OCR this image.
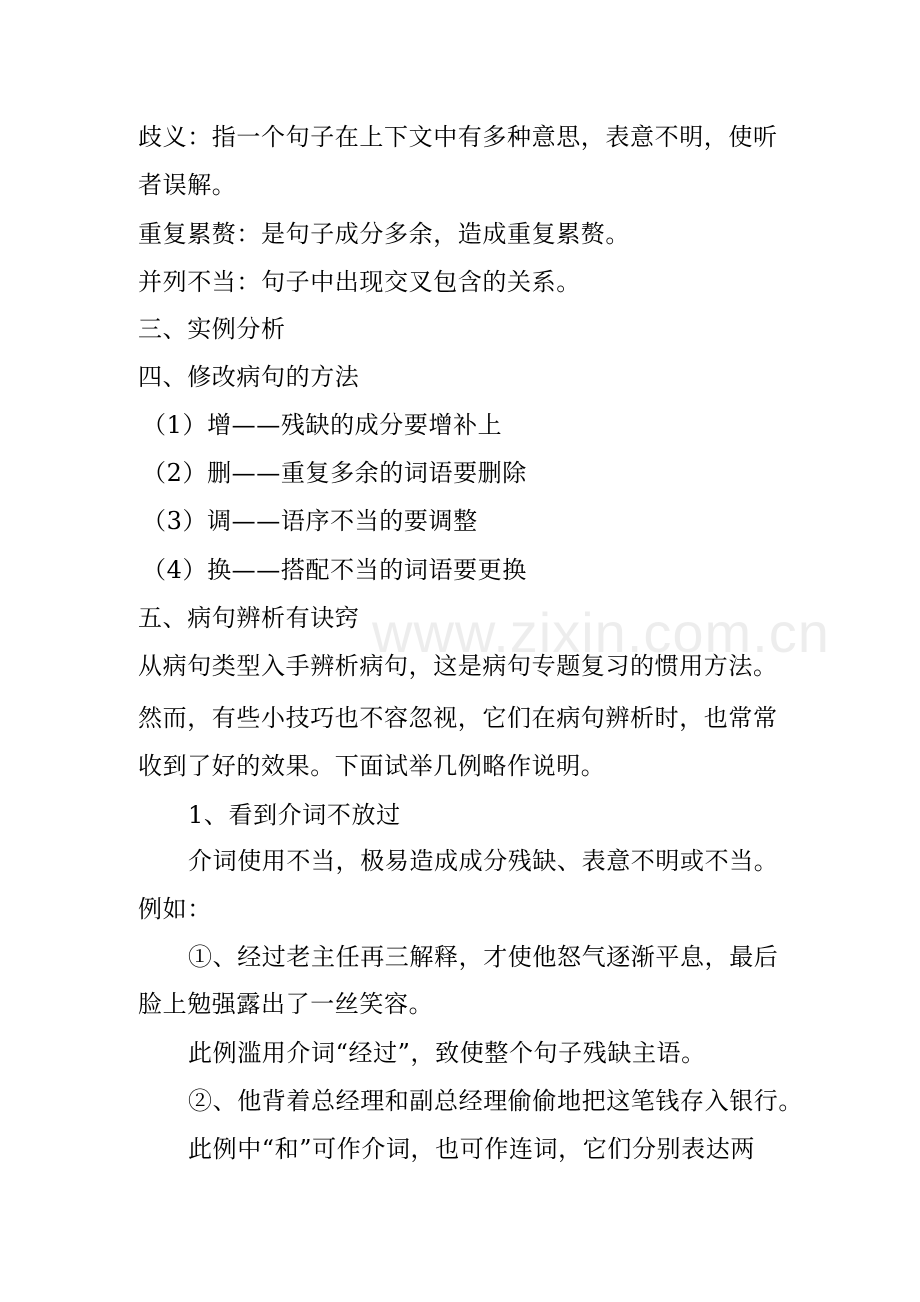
歧义：指一个句子在上下文中有多种意思，表意不明，使听
者误解。
重复累赘：是句子成分多余，造成重复累赘。
并列不当：句子中出现交叉包含的关系。
三、实例分析
四、修改病句的方法
（1）增——残缺的成分要增补上
（2）删——重复多余的词语要删除
（3）调——语序不当的要调整
（4）换——搭配不当的词语要更换
五、病句辨析有诀窍
从病句类型入手辨析病句，这是病句专题复习的惯用方法。
然而，有些小技巧也不容忽视，它们在病句辨析时，也常常
收到了好的效果。下面试举几例略作说明。
1、看到介词不放过
介词使用不当，极易造成成分残缺、表意不明或不当。
例如：
①、经过老主任再三解释，才使他怒气逐渐平息，最后
脸上勉强露出了一丝笑容。
此例滥用介词“经过”，致使整个句子残缺主语。
②、他背着总经理和副总经理偷偷地把这笔钱存入银行。
此例中“和”可作介词，也可作连词，它们分别表达两
www.zixin.com.cn
